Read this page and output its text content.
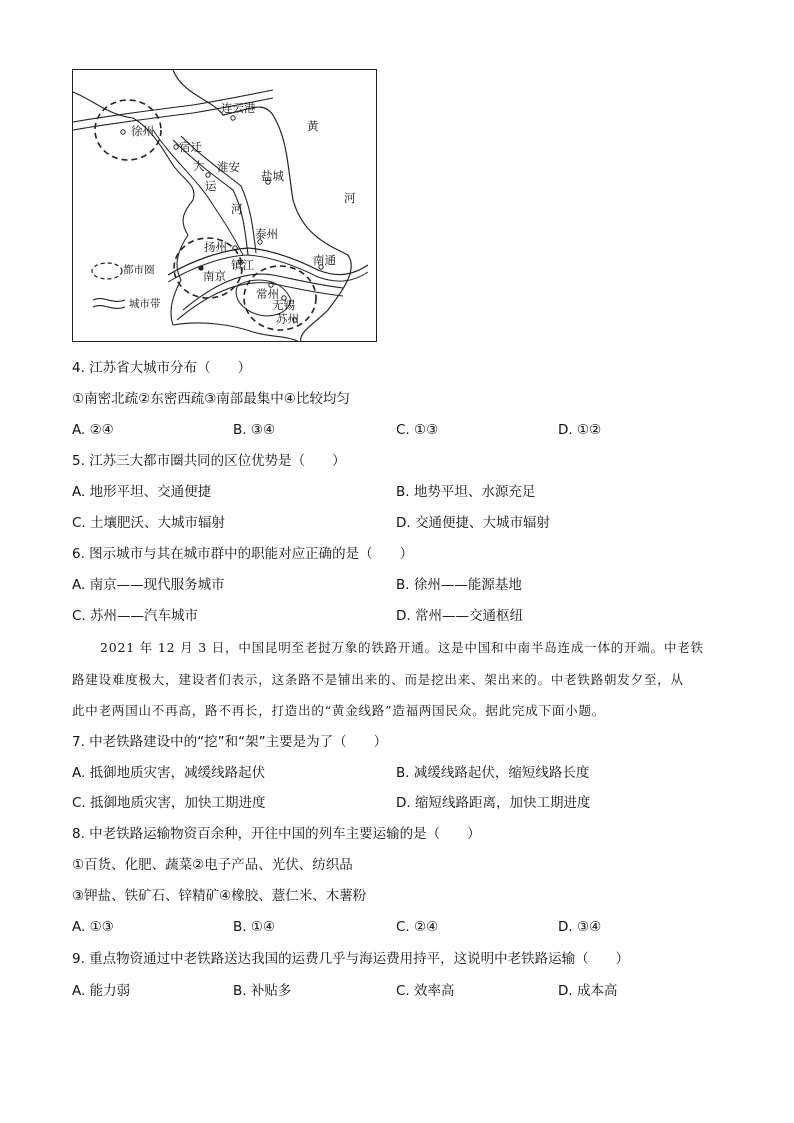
连云港
黄
河
徐州
宿迁
大
运
河
淮安
盐城
泰州
扬州
镇江
南京
南通
常州
无锡
苏州
都市圈
城市带
4. 江苏省大城市分布（　　）
①南密北疏②东密西疏③南部最集中④比较均匀
A. ②④	B. ③④	C. ①③	D. ①②
5. 江苏三大都市圈共同的区位优势是（　　）
A. 地形平坦、交通便捷	B. 地势平坦、水源充足
C. 土壤肥沃、大城市辐射	D. 交通便捷、大城市辐射
6. 图示城市与其在城市群中的职能对应正确的是（　　）
A. 南京——现代服务城市	B. 徐州——能源基地
C. 苏州——汽车城市	D. 常州——交通枢纽
2021 年 12 月 3 日，中国昆明至老挝万象的铁路开通。这是中国和中南半岛连成一体的开端。中老铁
路建设难度极大，建设者们表示，这条路不是铺出来的、而是挖出来、架出来的。中老铁路朝发夕至，从
此中老两国山不再高，路不再长，打造出的“黄金线路”造福两国民众。据此完成下面小题。
7. 中老铁路建设中的“挖”和“架”主要是为了（　　）
A. 抵御地质灾害，减缓线路起伏	B. 减缓线路起伏，缩短线路长度
C. 抵御地质灾害，加快工期进度	D. 缩短线路距离，加快工期进度
8. 中老铁路运输物资百余种，开往中国的列车主要运输的是（　　）
①百货、化肥、蔬菜②电子产品、光伏、纺织品
③钾盐、铁矿石、锌精矿④橡胶、薏仁米、木薯粉
A. ①③	B. ①④	C. ②④	D. ③④
9. 重点物资通过中老铁路送达我国的运费几乎与海运费用持平，这说明中老铁路运输（　　）
A. 能力弱	B. 补贴多	C. 效率高	D. 成本高
